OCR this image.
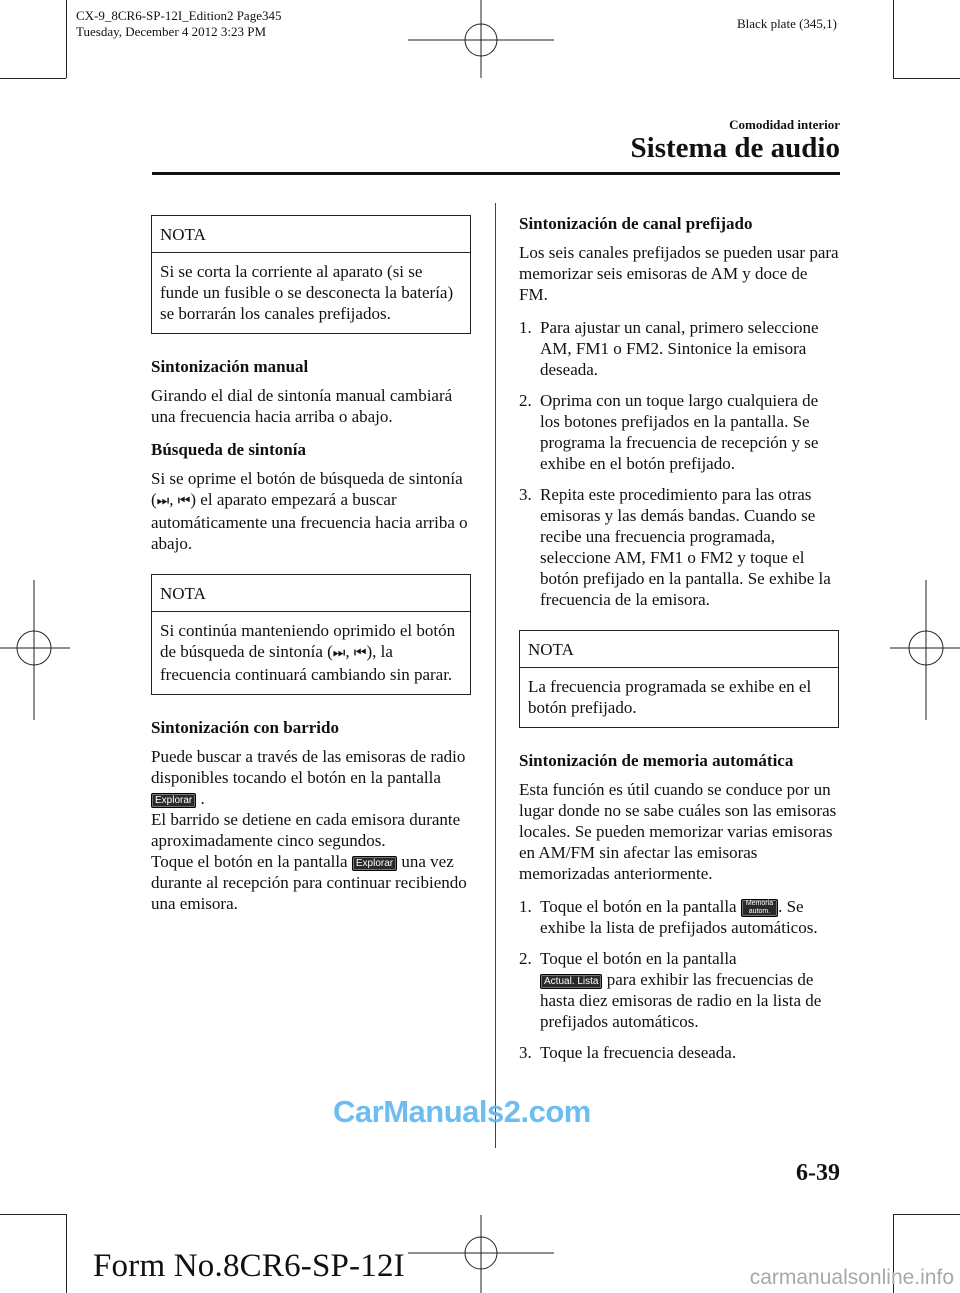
CX-9_8CR6-SP-12I_Edition2 Page345
Tuesday, December 4 2012 3:23 PM
Black plate (345,1)
Comodidad interior
Sistema de audio
NOTA
Si se corta la corriente al aparato (si se funde un fusible o se desconecta la batería) se borrarán los canales prefijados.
Sintonización manual

Girando el dial de sintonía manual cambiará una frecuencia hacia arriba o abajo.

Búsqueda de sintonía

Si se oprime el botón de búsqueda de sintonía (⏭, ⏮) el aparato empezará a buscar automáticamente una frecuencia hacia arriba o abajo.

NOTA
Si continúa manteniendo oprimido el botón de búsqueda de sintonía (⏭, ⏮), la frecuencia continuará cambiando sin parar.
Sintonización con barrido

Puede buscar a través de las emisoras de radio disponibles tocando el botón en la pantalla Explorar .

El barrido se detiene en cada emisora durante aproximadamente cinco segundos.

Toque el botón en la pantalla Explorar una vez durante al recepción para continuar recibiendo una emisora.

Sintonización de canal prefijado

Los seis canales prefijados se pueden usar para memorizar seis emisoras de AM y doce de FM.

1. Para ajustar un canal, primero seleccione AM, FM1 o FM2. Sintonice la emisora deseada.
2. Oprima con un toque largo cualquiera de los botones prefijados en la pantalla. Se programa la frecuencia de recepción y se exhibe en el botón prefijado.
3. Repita este procedimiento para las otras emisoras y las demás bandas. Cuando se recibe una frecuencia programada, seleccione AM, FM1 o FM2 y toque el botón prefijado en la pantalla. Se exhibe la frecuencia de la emisora.
NOTA
La frecuencia programada se exhibe en el botón prefijado.
Sintonización de memoria automática

Esta función es útil cuando se conduce por un lugar donde no se sabe cuáles son las emisoras locales. Se pueden memorizar varias emisoras en AM/FM sin afectar las emisoras memorizadas anteriormente.

1. Toque el botón en la pantalla Memoria
autom. . Se exhibe la lista de prefijados automáticos.
2. Toque el botón en la pantalla
Actual. Lista para exhibir las frecuencias de hasta diez emisoras de radio en la lista de prefijados automáticos.
3. Toque la frecuencia deseada.
CarManuals2.com
6-39
Form No.8CR6-SP-12I	carmanualsonline.info
